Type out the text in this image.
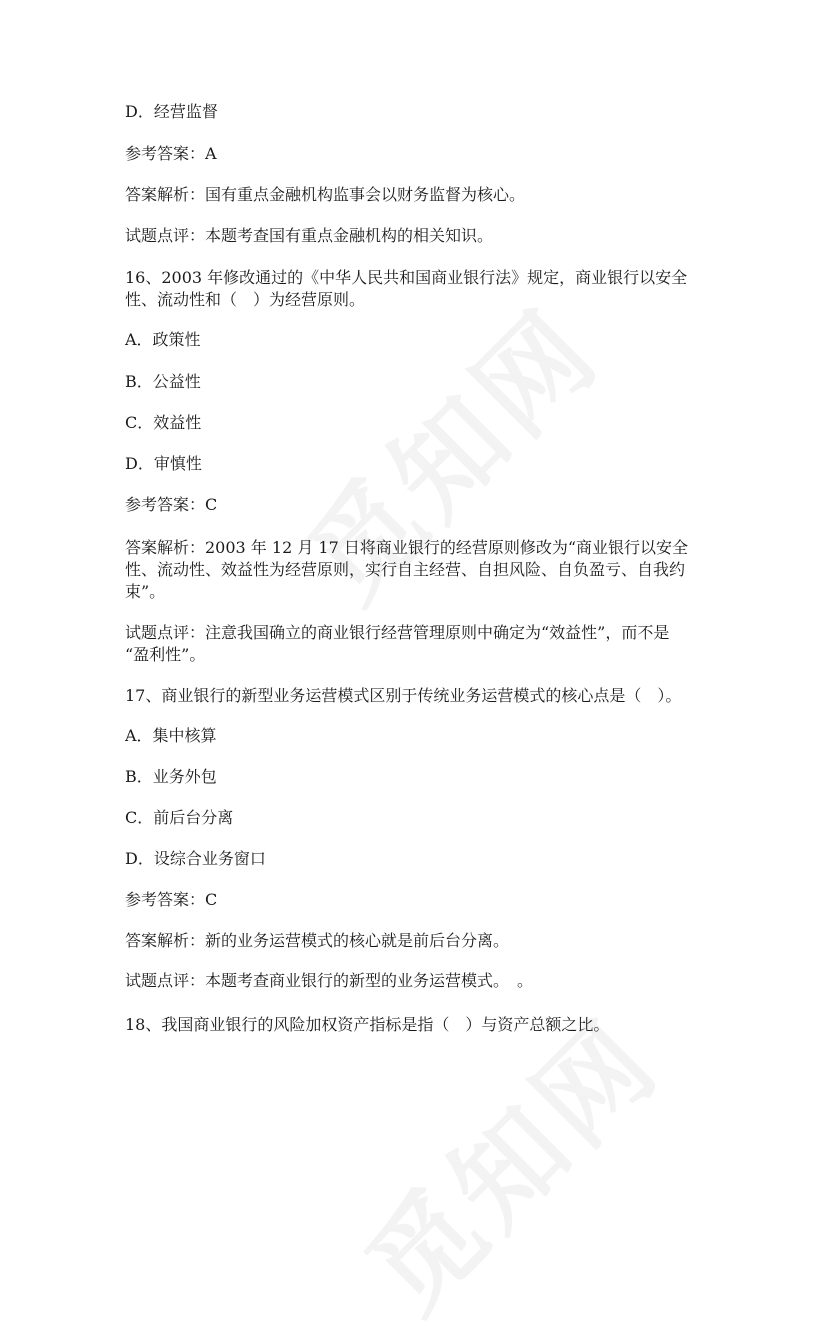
D．经营监督
参考答案：A
答案解析：国有重点金融机构监事会以财务监督为核心。
试题点评：本题考查国有重点金融机构的相关知识。
16、2003 年修改通过的《中华人民共和国商业银行法》规定，商业银行以安全
性、流动性和（　）为经营原则。
A．政策性
B．公益性
C．效益性
D．审慎性
参考答案：C
答案解析：2003 年 12 月 17 日将商业银行的经营原则修改为“商业银行以安全
性、流动性、效益性为经营原则，实行自主经营、自担风险、自负盈亏、自我约
束”。
试题点评：注意我国确立的商业银行经营管理原则中确定为“效益性”，而不是
“盈利性”。
17、商业银行的新型业务运营模式区别于传统业务运营模式的核心点是（　）。
A．集中核算
B．业务外包
C．前后台分离
D．设综合业务窗口
参考答案：C
答案解析：新的业务运营模式的核心就是前后台分离。
试题点评：本题考查商业银行的新型的业务运营模式。　。
18、我国商业银行的风险加权资产指标是指（　）与资产总额之比。
